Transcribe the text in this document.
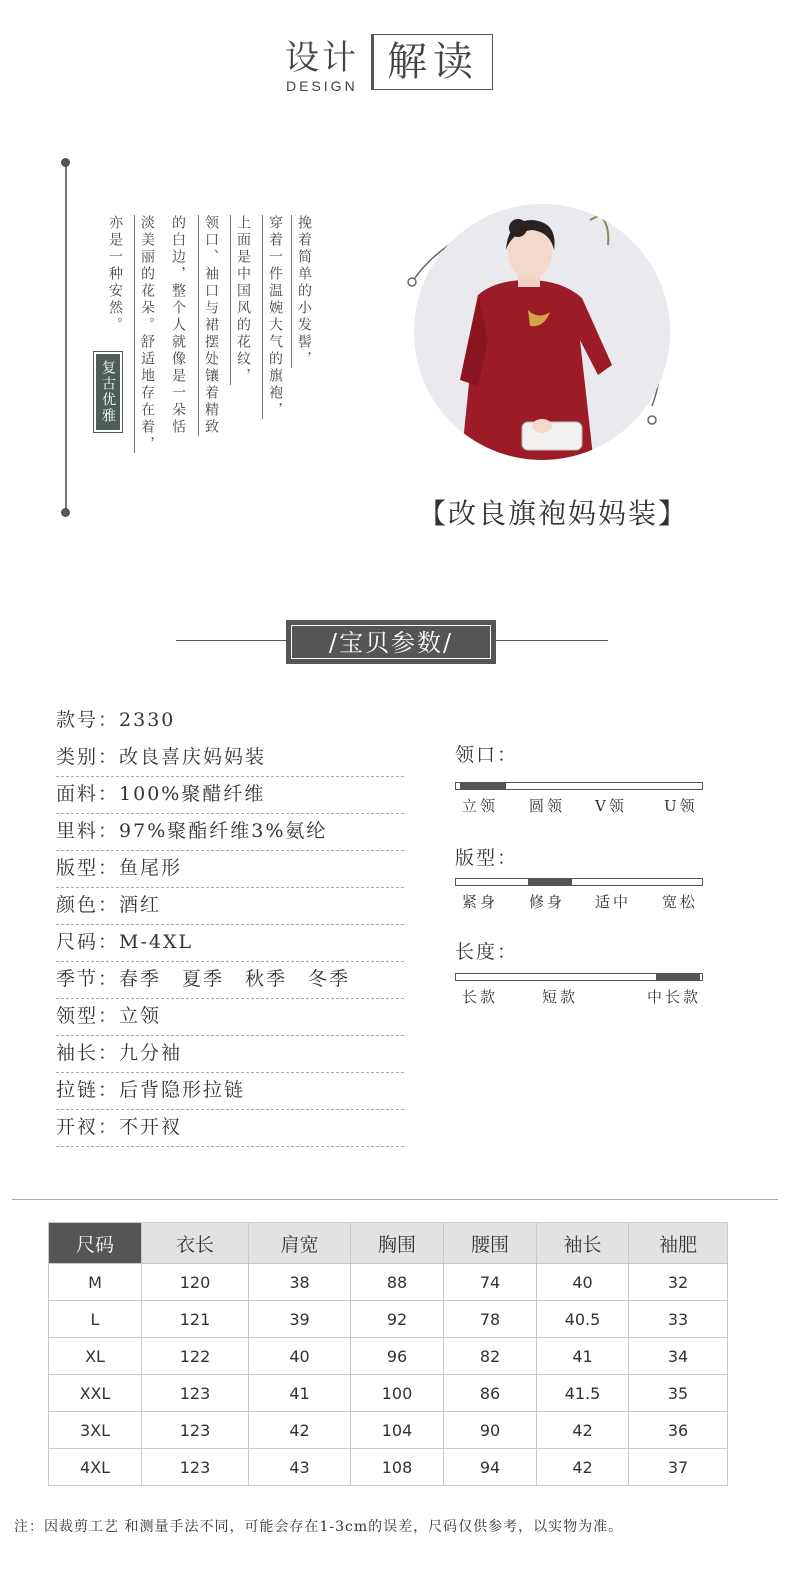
设计
DESIGN
解读
挽着简单的小发髻，
穿着一件温婉大气的旗袍，
上面是中国风的花纹，
领口、袖口与裙摆处镶着精致
的白边，整个人就像是一朵恬
淡美丽的花朵。舒适地存在着，
亦是一种安然。
复古优雅
【改良旗袍妈妈装】
/宝贝参数/
款号：2330
类别：改良喜庆妈妈装
面料：100%聚醋纤维
里料：97%聚酯纤维3%氨纶
版型：鱼尾形
颜色：酒红
尺码：M-4XL
季节：春季　夏季　秋季　冬季
领型：立领
袖长：九分袖
拉链：后背隐形拉链
开衩：不开衩
领口：
立领 圆领 V领 U领
版型：
紧身 修身 适中 宽松
长度：
长款	短款	中长款
尺码	衣长	肩宽	胸围	腰围	袖长	袖肥
M	120	38	88	74	40	32
L	121	39	92	78	40.5	33
XL	122	40	96	82	41	34
XXL	123	41	100	86	41.5	35
3XL	123	42	104	90	42	36
4XL	123	43	108	94	42	37
注：因裁剪工艺 和测量手法不同，可能会存在1-3cm的误差，尺码仅供参考，以实物为准。
